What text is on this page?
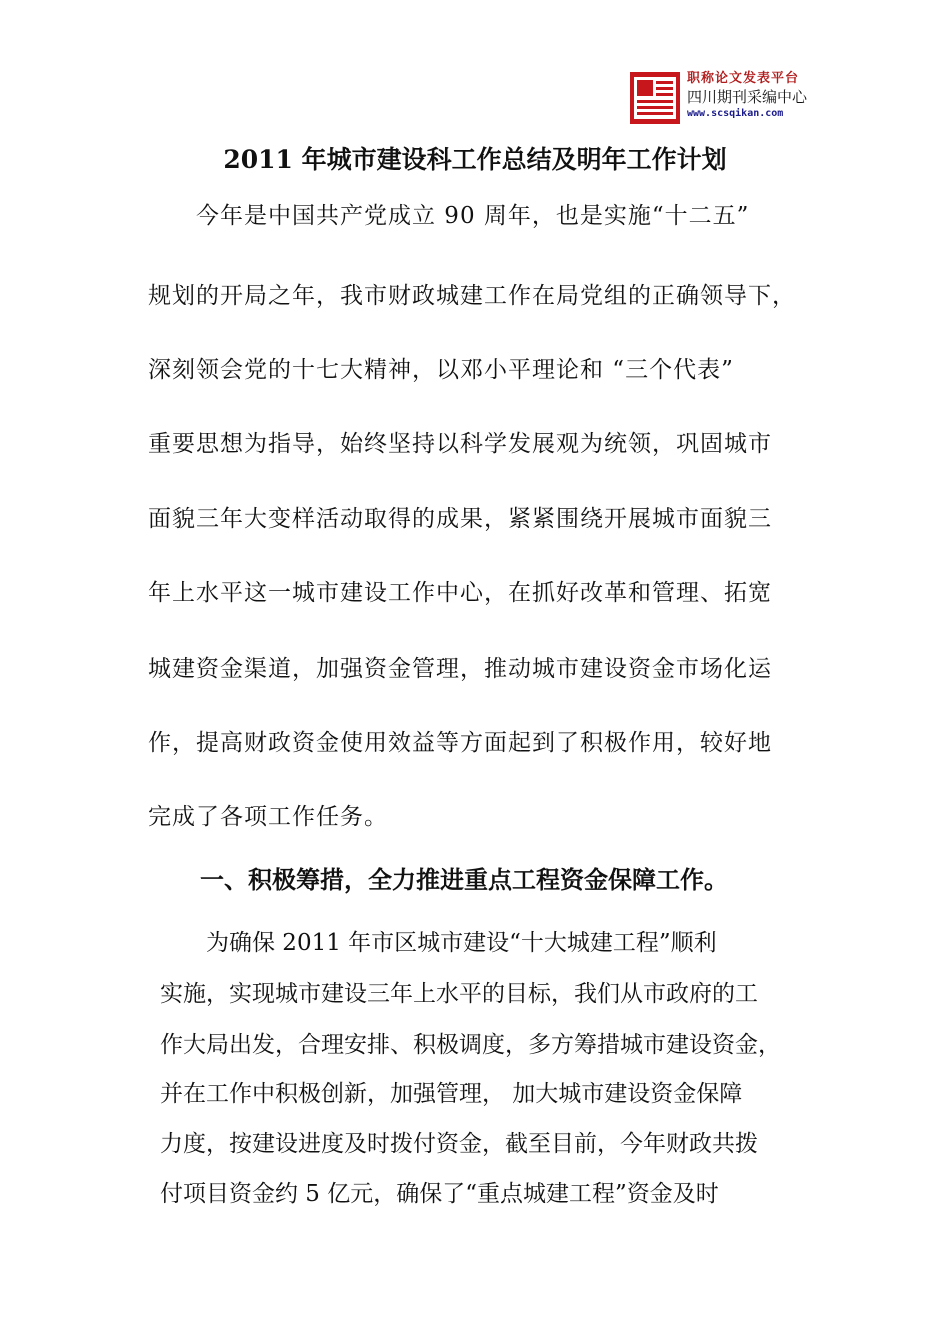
职称论文发表平台
四川期刊采编中心
www.scsqikan.com
2011 年城市建设科工作总结及明年工作计划
　　今年是中国共产党成立 90 周年，也是实施“十二五”
规划的开局之年，我市财政城建工作在局党组的正确领导下，
深刻领会党的十七大精神，以邓小平理论和 “三个代表”
重要思想为指导，始终坚持以科学发展观为统领，巩固城市
面貌三年大变样活动取得的成果，紧紧围绕开展城市面貌三
年上水平这一城市建设工作中心，在抓好改革和管理、拓宽
城建资金渠道，加强资金管理，推动城市建设资金市场化运
作，提高财政资金使用效益等方面起到了积极作用，较好地
完成了各项工作任务。
一、积极筹措，全力推进重点工程资金保障工作。
　　为确保 2011 年市区城市建设“十大城建工程”顺利
实施，实现城市建设三年上水平的目标，我们从市政府的工
作大局出发，合理安排、积极调度，多方筹措城市建设资金，
并在工作中积极创新，加强管理， 加大城市建设资金保障
力度，按建设进度及时拨付资金，截至目前，今年财政共拨
付项目资金约 5 亿元，确保了“重点城建工程”资金及时
